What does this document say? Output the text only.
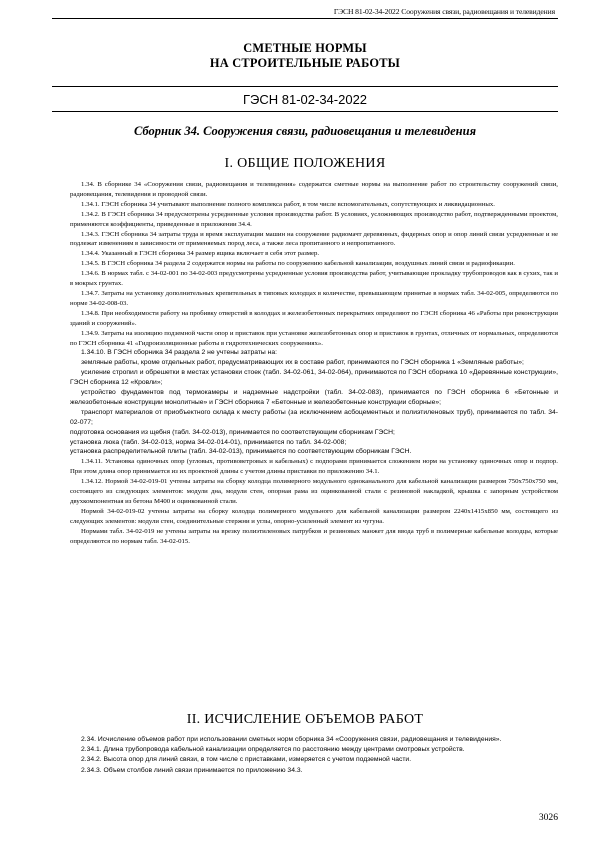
ГЭСН 81-02-34-2022 Сооружения связи, радиовещания и телевидения
СМЕТНЫЕ НОРМЫ
НА СТРОИТЕЛЬНЫЕ РАБОТЫ
ГЭСН 81-02-34-2022
Сборник 34. Сооружения связи, радиовещания и телевидения
I. ОБЩИЕ ПОЛОЖЕНИЯ

1.34. В сборнике 34 «Сооружения связи, радиовещания и телевидения» содержатся сметные нормы на выполнение работ по строительству сооружений связи, радиовещания, телевидения и проводной связи.

1.34.1. ГЭСН сборника 34 учитывают выполнение полного комплекса работ, в том числе вспомогательных, сопутствующих и ликвидационных.

1.34.2. В ГЭСН сборника 34 предусмотрены усредненные условия производства работ. В условиях, усложняющих производство работ, подтвержденными проектом, применяются коэффициенты, приведенные в приложении 34.4.

1.34.3. ГЭСН сборника 34 затраты труда и время эксплуатации машин на сооружение радиомачт деревянных, фидерных опор и опор линий связи усредненные и не подлежат изменениям в зависимости от применяемых пород леса, а также леса пропитанного и непропитанного.

1.34.4. Указанный в ГЭСН сборника 34 размер ящика включает в себя этот размер.

1.34.5. В ГЭСН сборника 34 раздела 2 содержатся нормы на работы по сооружению кабельной канализации, воздушных линий связи и радиофикации.

1.34.6. В нормах табл. с 34-02-001 по 34-02-003 предусмотрены усредненные условия производства работ, учитывающие прокладку трубопроводов как в сухих, так и в мокрых грунтах.

1.34.7. Затраты на установку дополнительных крепительных в типовых колодцах в количестве, превышающем принятые в нормах табл. 34-02-005, определяются по норме 34-02-008-03.

1.34.8. При необходимости работу на пробивку отверстий в колодцах и железобетонных перекрытиях определяют по ГЭСН сборника 46 «Работы при реконструкции зданий и сооружений».

1.34.9. Затраты на изоляцию подземной части опор и приставок при установке железобетонных опор и приставок в грунтах, отличных от нормальных, определяются по ГЭСН сборника 41 «Гидроизоляционные работы в гидротехнических сооружениях».

1.34.10. В ГЭСН сборника 34 раздела 2 не учтены затраты на:

земляные работы, кроме отдельных работ, предусматривающих их в составе работ, принимаются по ГЭСН сборника 1 «Земляные работы»;

усиление стропил и обрешетки в местах установки стоек (табл. 34-02-061, 34-02-064), принимаются по ГЭСН сборника 10 «Деревянные конструкции», ГЭСН сборника 12 «Кровли»;

устройство фундаментов под термокамеры и надземные надстройки (табл. 34-02-083), принимается по ГЭСН сборника 6 «Бетонные и железобетонные конструкции монолитные» и ГЭСН сборника 7 «Бетонные и железобетонные конструкции сборные»;

транспорт материалов от приобъектного склада к месту работы (за исключением асбоцементных и полиэтиленовых труб), принимается по табл. 34-02-077;

подготовка основания из щебня (табл. 34-02-013), принимается по соответствующим сборникам ГЭСН;

установка люка (табл. 34-02-013, норма 34-02-014-01), принимается по табл. 34-02-008;

установка распределительной плиты (табл. 34-02-013), принимается по соответствующим сборникам ГЭСН.

1.34.11. Установка одиночных опор (угловых, противоветровых и кабельных) с подпорами принимается сложением норм на установку одиночных опор и подпор. При этом длина опор принимается из их проектной длины с учетом длины приставки по приложению 34.1.

1.34.12. Нормой 34-02-019-01 учтены затраты на сборку колодца полимерного модульного одноканального для кабельной канализации размером 750х750х750 мм, состоящего из следующих элементов: модули дна, модули стен, опорная рама из оцинкованной стали с резиновой накладкой, крышка с запорным устройством двухкомпонентная из бетона М400 и оцинкованной стали.

Нормой 34-02-019-02 учтены затраты на сборку колодца полимерного модульного для кабельной канализации размером 2240х1415х850 мм, состоящего из следующих элементов: модули стен, соединительные стержни и углы, опорно-усиленный элемент из чугуна.

Нормами табл. 34-02-019 не учтены затраты на врезку полиэтиленовых патрубков и резиновых манжет для ввода труб в полимерные кабельные колодцы, которые определяются по нормам табл. 34-02-015.

II. ИСЧИСЛЕНИЕ ОБЪЕМОВ РАБОТ

2.34. Исчисление объемов работ при использовании сметных норм сборника 34 «Сооружения связи, радиовещания и телевидения».

2.34.1. Длина трубопровода кабельной канализации определяется по расстоянию между центрами смотровых устройств.

2.34.2. Высота опор для линий связи, в том числе с приставками, измеряется с учетом подземной части.

2.34.3. Объем столбов линий связи принимается по приложению 34.3.

3026
